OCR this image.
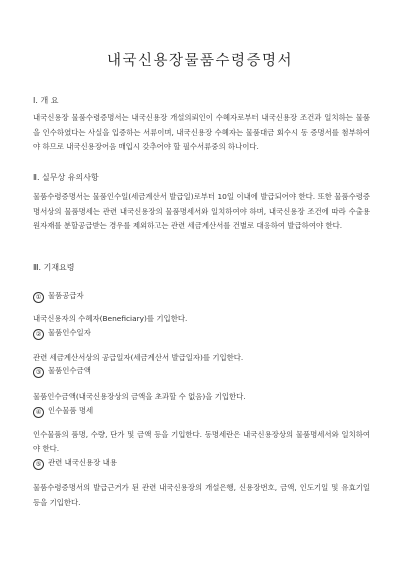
내국신용장물품수령증명서
Ⅰ. 개 요
내국신용장 물품수령증명서는 내국신용장 개설의뢰인이 수혜자로부터 내국신용장 조건과 일치하는 물품을 인수하였다는 사실을 입증하는 서류이며, 내국신용장 수혜자는 물품대금 회수시 동 증명서를 첨부하여야 하므로 내국신용장어음 매입시 갖추어야 할 필수서류중의 하나이다.
Ⅱ. 실무상 유의사항
물품수령증명서는 물품인수일(세금계산서 발급일)로부터 10일 이내에 발급되어야 한다. 또한 물품수령증명서상의 물품명세는 관련 내국신용장의 물품명세서와 일치하여야 하며, 내국신용장 조건에 따라 수출용원자재를 분할공급받는 경우를 제외하고는 관련 세금계산서를 건별로 대응하여 발급하여야 한다.
Ⅲ. 기재요령
① 물품공급자
내국신용자의 수혜자(Beneficiary)를 기입한다.
② 물품인수일자
관련 세금계산서상의 공급일자(세금계산서 발급일자)를 기입한다.
③ 물품인수금액
물품인수금액(내국신용장상의 금액을 초과할 수 없음)을 기입한다.
④ 인수물품 명세
인수물품의 품명, 수량, 단가 및 금액 등을 기입한다. 동명세란은 내국신용장상의 물품명세서와 일치하여야 한다.
⑤ 관련 내국신용장 내용
물품수령증명서의 발급근거가 된 관련 내국신용장의 개설은행, 신용장번호, 금액, 인도기일 및 유효기일 등을 기입한다.
